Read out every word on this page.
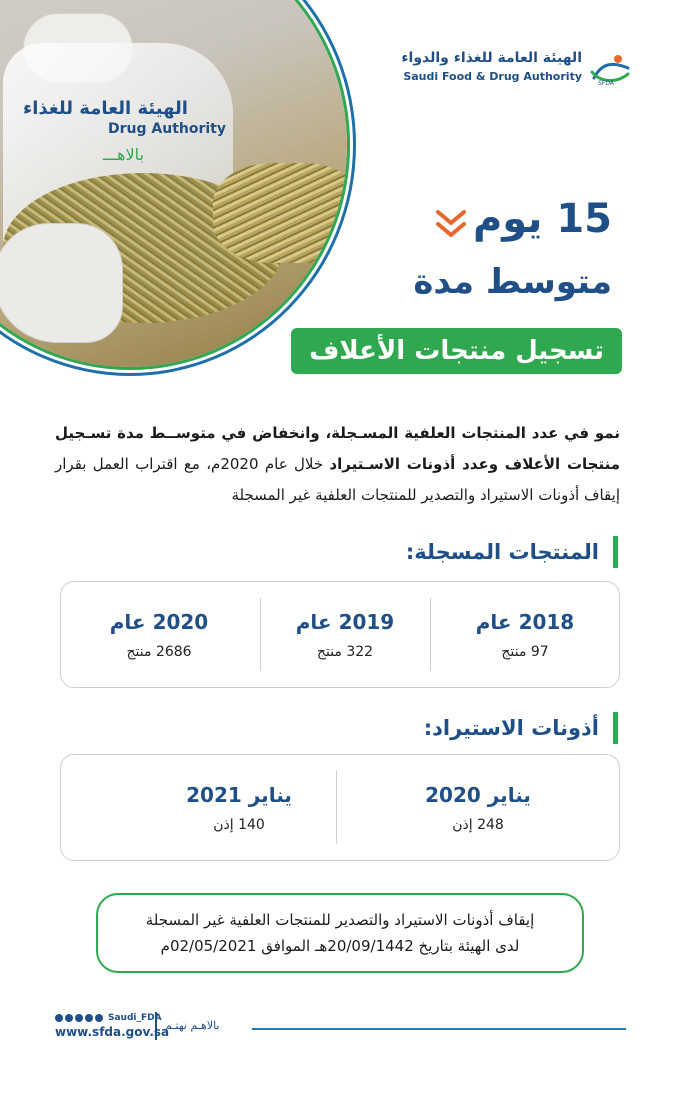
الهيئة العامة للغذاء
Drug Authority
بالاهـــ
الهيئة العامة للغذاء والدواء
Saudi Food & Drug Authority
SFDA
15 يوم
متوسط مدة
تسجيل منتجات الأعلاف
نمو في عدد المنتجات العلفية المسـجلة، وانخفاض في متوســط مدة تسـجيل منتجات الأعلاف وعدد أذونات الاسـتيراد خلال عام 2020م، مع اقتراب العمل بقرار إيقاف أذونات الاستيراد والتصدير للمنتجات العلفية غير المسجلة
المنتجات المسجلة:
2018 عام
97 منتج
2019 عام
322 منتج
2020 عام
2686 منتج
أذونات الاستيراد:
يناير 2020
248 إذن
يناير 2021
140 إذن
إيقاف أذونات الاستيراد والتصدير للمنتجات العلفية غير المسجلة
لدى الهيئة بتاريخ 20/09/1442هـ الموافق 02/05/2021م
بالاهـم نهتـم
Saudi_FDA
www.sfda.gov.sa
